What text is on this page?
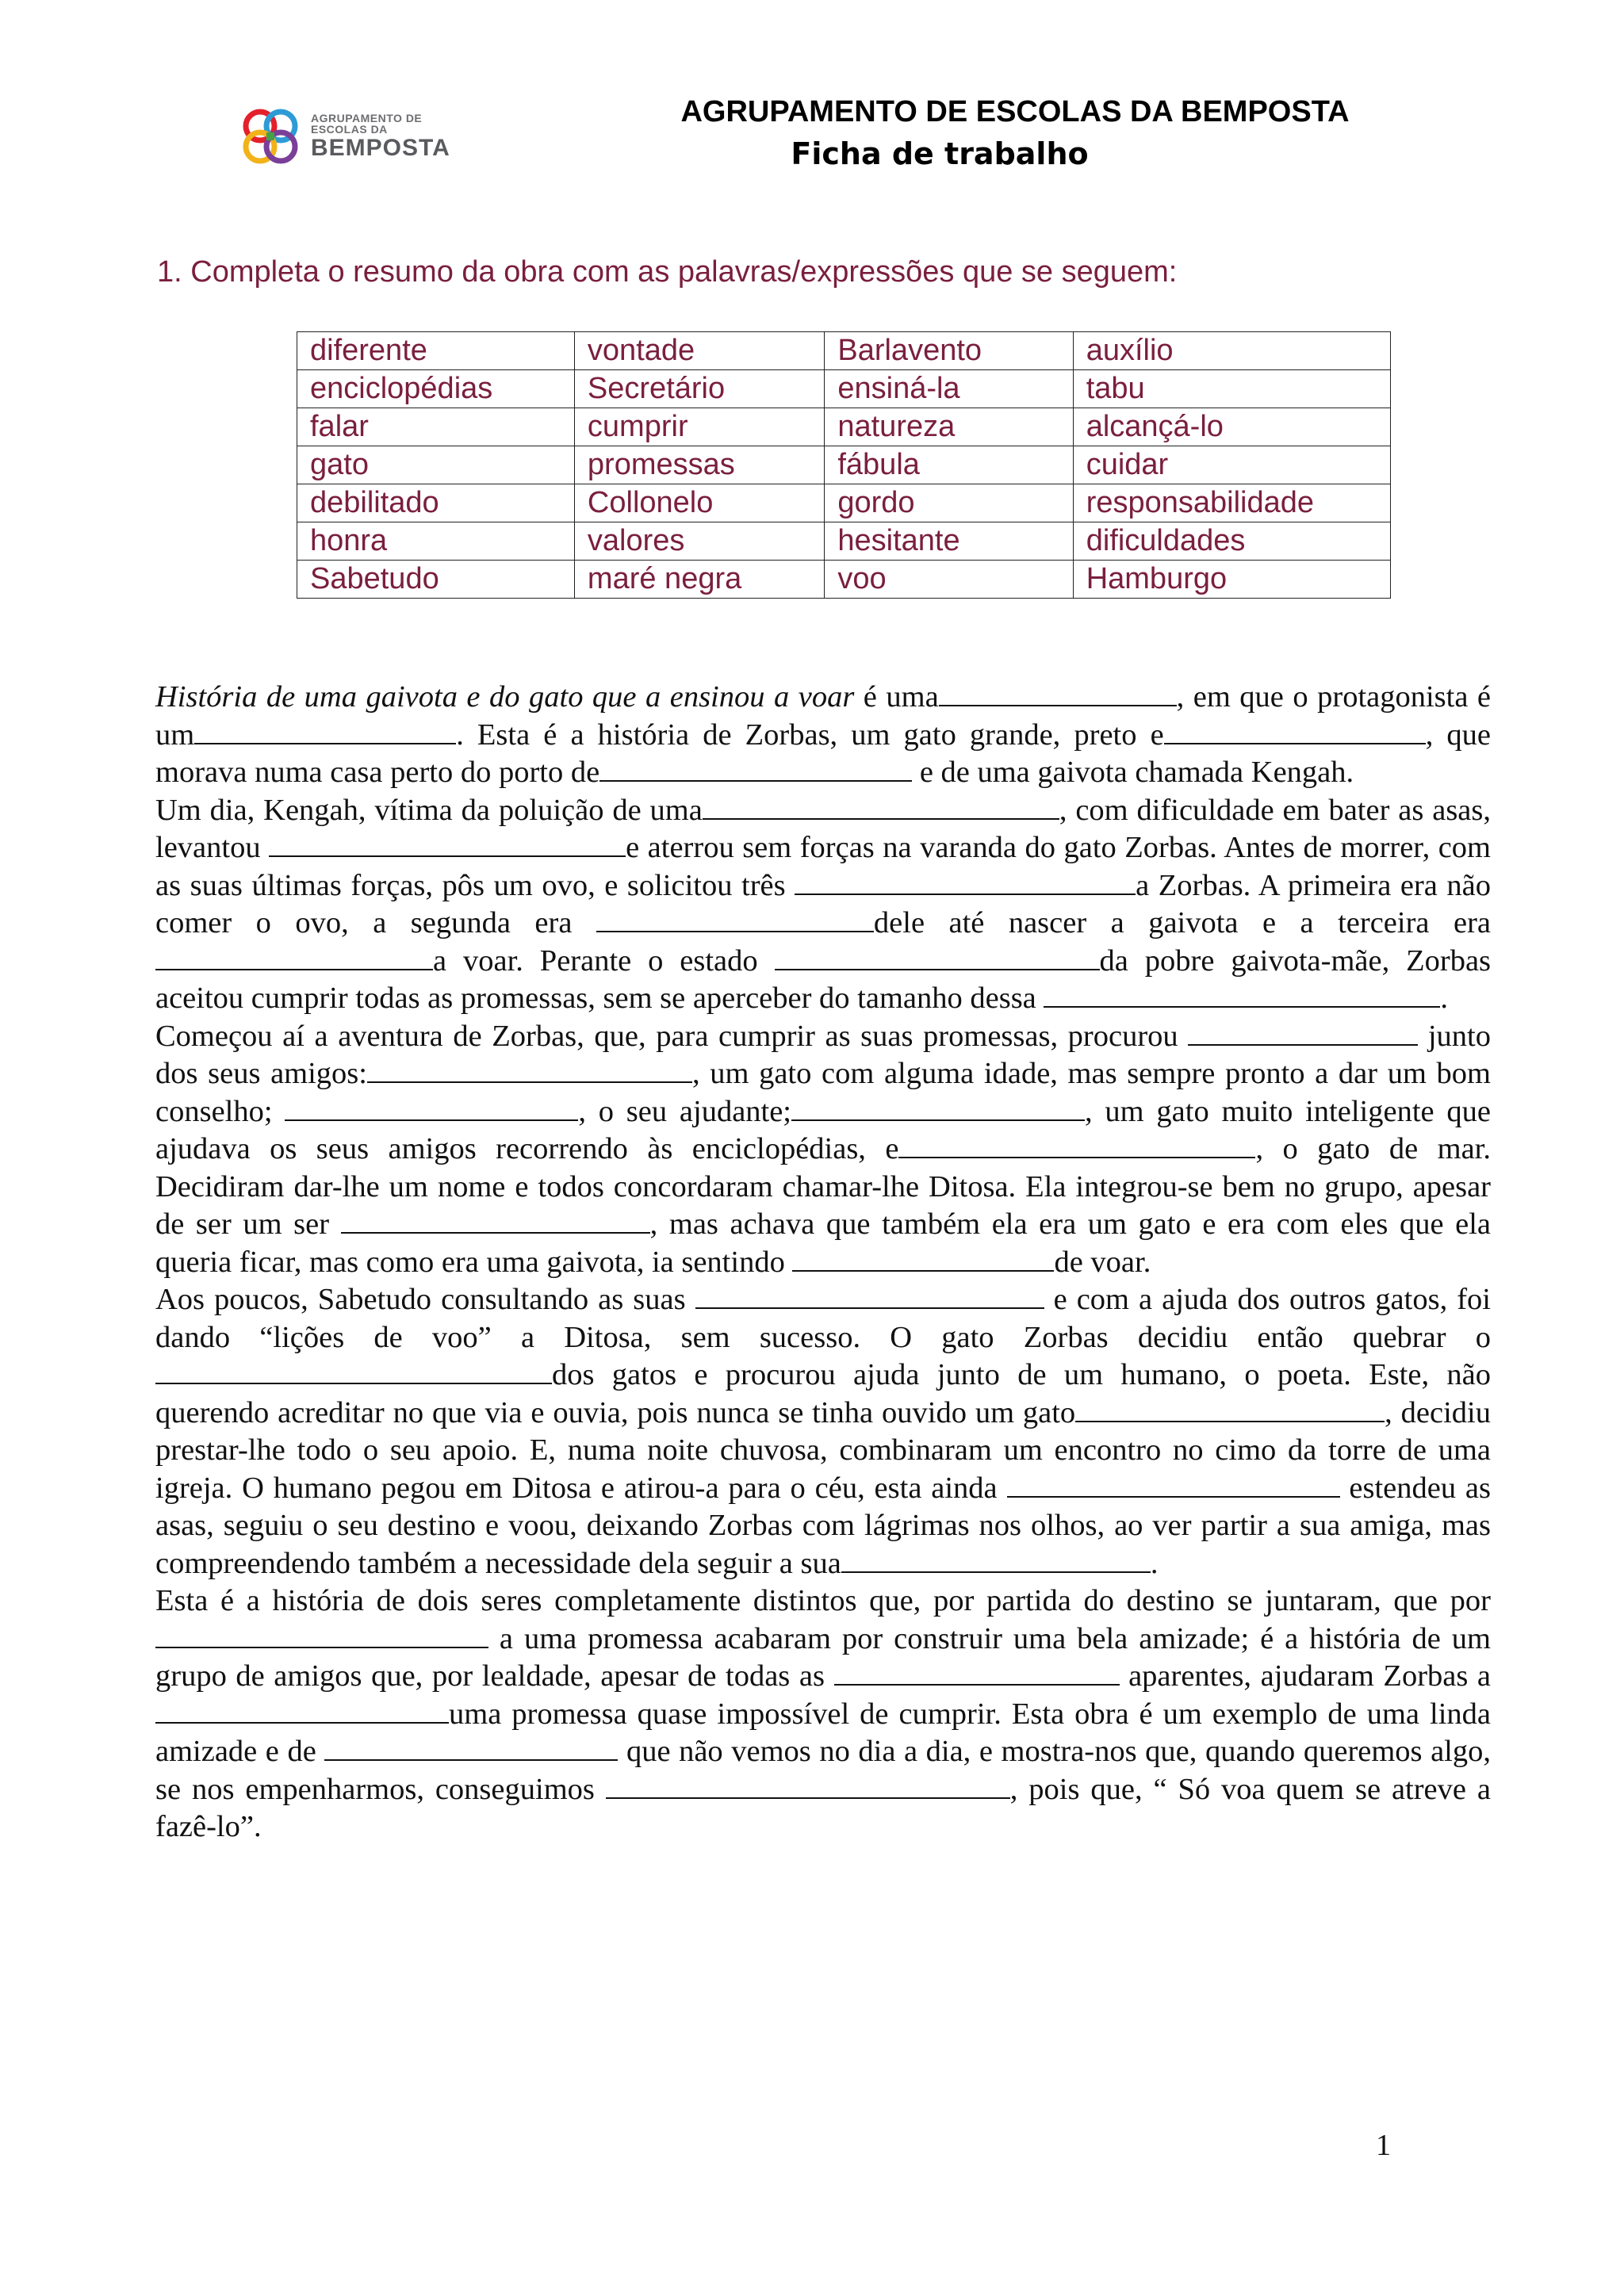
AGRUPAMENTO DE ESCOLAS DA
BEMPOSTA
AGRUPAMENTO DE ESCOLAS DA BEMPOSTA
Ficha de trabalho
1. Completa o resumo da obra com as palavras/expressões que se seguem:
diferente	vontade	Barlavento	auxílio
enciclopédias	Secretário	ensiná-la	tabu
falar	cumprir	natureza	alcançá-lo
gato	promessas	fábula	cuidar
debilitado	Collonelo	gordo	responsabilidade
honra	valores	hesitante	dificuldades
Sabetudo	maré negra	voo	Hamburgo

História de uma gaivota e do gato que a ensinou a voar é uma	, em que o protagonista é um	. Esta é a história de Zorbas, um gato grande, preto e	, que morava numa casa perto do porto de	e de uma gaivota chamada Kengah.

Um dia, Kengah, vítima da poluição de uma	, com dificuldade em bater as asas, levantou	e aterrou sem forças na varanda do gato Zorbas. Antes de morrer, com as suas últimas forças, pôs um ovo, e solicitou três	a Zorbas. A primeira era não comer o ovo, a segunda era	dele até nascer a gaivota e a terceira era a voar. Perante o estado	da pobre gaivota-mãe, Zorbas aceitou cumprir todas as promessas, sem se aperceber do tamanho dessa	.

Começou aí a aventura de Zorbas, que, para cumprir as suas promessas, procurou	junto dos seus amigos:	, um gato com alguma idade, mas sempre pronto a dar um bom conselho;	, o seu ajudante;	, um gato muito inteligente que ajudava os seus amigos recorrendo às enciclopédias, e	, o gato de mar. Decidiram dar-lhe um nome e todos concordaram chamar-lhe Ditosa. Ela integrou-se bem no grupo, apesar de ser um ser	, mas achava que também ela era um gato e era com eles que ela queria ficar, mas como era uma gaivota, ia sentindo	de voar.

Aos poucos, Sabetudo consultando as suas	e com a ajuda dos outros gatos, foi dando “lições de voo” a Ditosa, sem sucesso. O gato Zorbas decidiu então quebrar o dos gatos e procurou ajuda junto de um humano, o poeta. Este, não querendo acreditar no que via e ouvia, pois nunca se tinha ouvido um gato	, decidiu prestar-lhe todo o seu apoio. E, numa noite chuvosa, combinaram um encontro no cimo da torre de uma igreja. O humano pegou em Ditosa e atirou-a para o céu, esta ainda	estendeu as asas, seguiu o seu destino e voou, deixando Zorbas com lágrimas nos olhos, ao ver partir a sua amiga, mas compreendendo também a necessidade dela seguir a sua	.

Esta é a história de dois seres completamente distintos que, por partida do destino se juntaram, que por  a uma promessa acabaram por construir uma bela amizade; é a história de um grupo de amigos que, por lealdade, apesar de todas as	aparentes, ajudaram Zorbas a uma promessa quase impossível de cumprir. Esta obra é um exemplo de uma linda amizade e de	que não vemos no dia a dia, e mostra-nos que, quando queremos algo, se nos empenharmos, conseguimos	, pois que, “ Só voa quem se atreve a fazê-lo”.

1
